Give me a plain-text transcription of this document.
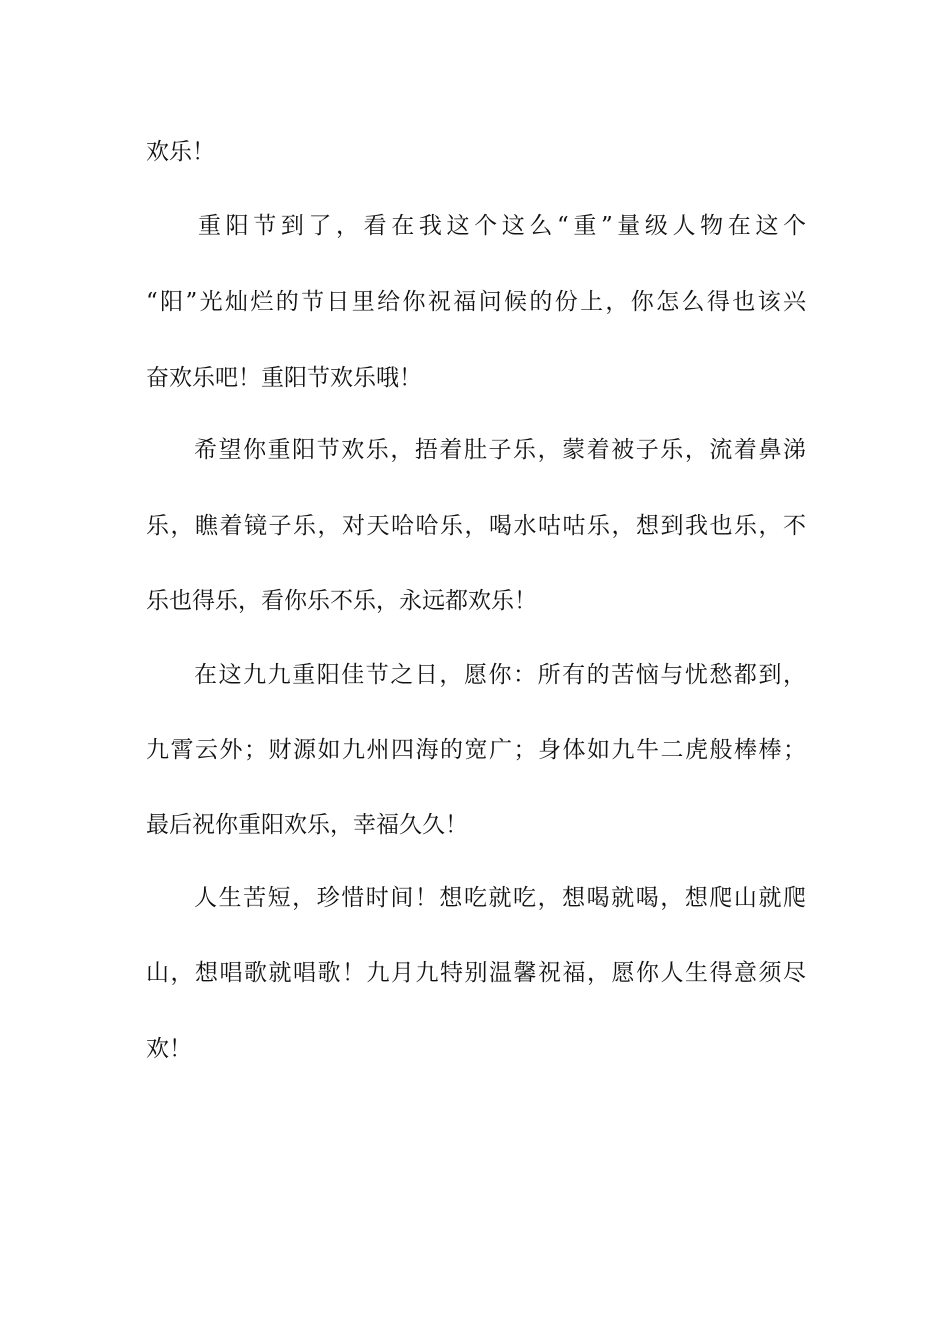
欢乐！
重阳节到了，看在我这个这么“重”量级人物在这个
“阳”光灿烂的节日里给你祝福问候的份上，你怎么得也该兴
奋欢乐吧！重阳节欢乐哦！
希望你重阳节欢乐，捂着肚子乐，蒙着被子乐，流着鼻涕
乐，瞧着镜子乐，对天哈哈乐，喝水咕咕乐，想到我也乐，不
乐也得乐，看你乐不乐，永远都欢乐！
在这九九重阳佳节之日，愿你：所有的苦恼与忧愁都到，
九霄云外；财源如九州四海的宽广；身体如九牛二虎般棒棒；
最后祝你重阳欢乐，幸福久久！
人生苦短，珍惜时间！想吃就吃，想喝就喝，想爬山就爬
山，想唱歌就唱歌！九月九特别温馨祝福，愿你人生得意须尽
欢！
